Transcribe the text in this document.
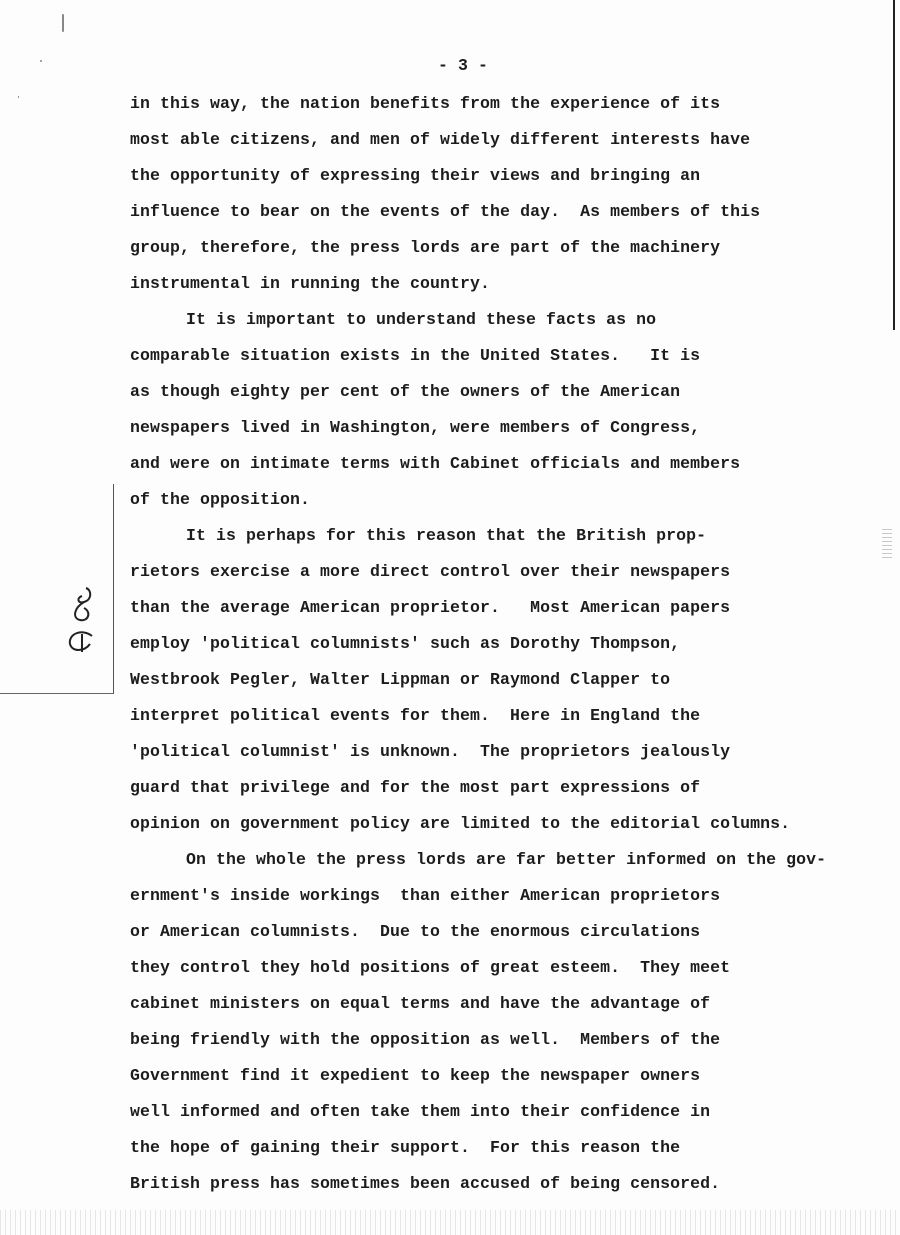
- 3 -
in this way, the nation benefits from the experience of its
most able citizens, and men of widely different interests have
the opportunity of expressing their views and bringing an
influence to bear on the events of the day.  As members of this
group, therefore, the press lords are part of the machinery
instrumental in running the country.
It is important to understand these facts as no
comparable situation exists in the United States.   It is
as though eighty per cent of the owners of the American
newspapers lived in Washington, were members of Congress,
and were on intimate terms with Cabinet officials and members
of the opposition.
It is perhaps for this reason that the British prop-
rietors exercise a more direct control over their newspapers
than the average American proprietor.   Most American papers
employ 'political columnists' such as Dorothy Thompson,
Westbrook Pegler, Walter Lippman or Raymond Clapper to
interpret political events for them.  Here in England the
'political columnist' is unknown.  The proprietors jealously
guard that privilege and for the most part expressions of
opinion on government policy are limited to the editorial columns.
On the whole the press lords are far better informed on the gov-
ernment's inside workings  than either American proprietors
or American columnists.  Due to the enormous circulations
they control they hold positions of great esteem.  They meet
cabinet ministers on equal terms and have the advantage of
being friendly with the opposition as well.  Members of the
Government find it expedient to keep the newspaper owners
well informed and often take them into their confidence in
the hope of gaining their support.  For this reason the
British press has sometimes been accused of being censored.
